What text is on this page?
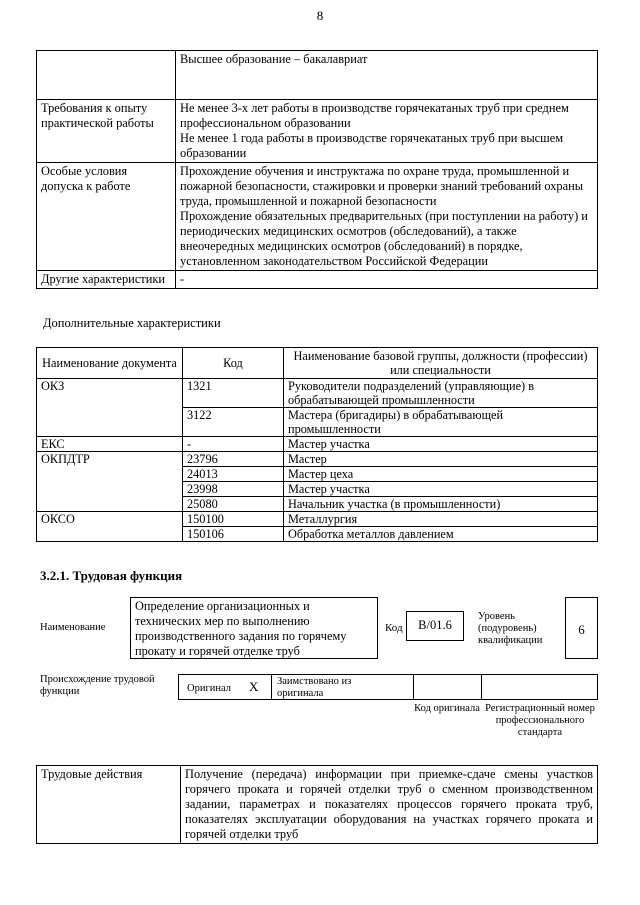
8

	Высшее образование – бакалавриат

Требования к опыту практической работы	Не менее 3-х лет работы в производстве горячекатаных труб при среднем профессиональном образовании
Не менее 1 года работы в производстве горячекатаных труб при высшем образовании

Особые условия допуска к работе	Прохождение обучения и инструктажа по охране труда, промышленной и пожарной безопасности, стажировки и проверки знаний требований охраны труда, промышленной и пожарной безопасности
Прохождение обязательных предварительных (при поступлении на работу) и периодических медицинских осмотров (обследований), а также внеочередных медицинских осмотров (обследований) в порядке, установленном законодательством Российской Федерации

Другие характеристики	-
Дополнительные характеристики
Наименование документа	Код	Наименование базовой группы, должности (профессии) или специальности
ОКЗ	1321	Руководители подразделений (управляющие) в обрабатывающей промышленности
	3122	Мастера (бригадиры) в обрабатывающей промышленности
ЕКС	-	Мастер участка
ОКПДТР	23796	Мастер
	24013	Мастер цеха
	23998	Мастер участка
	25080	Начальник участка (в промышленности)
ОКСО	150100	Металлургия
	150106	Обработка металлов давлением
3.2.1. Трудовая функция
Наименование
Определение организационных и технических мер по выполнению производственного задания по горячему прокату и горячей отделке труб
Код	В/01.6
Уровень (подуровень) квалификации
6
Происхождение трудовой функции	Оригинал X Заимствовано из оригинала
Код оригинала Регистрационный номер профессионального стандарта
Трудовые действия	Получение (передача) информации при приемке-сдаче смены участков горячего проката и горячей отделки труб о сменном производственном задании, параметрах и показателях процессов горячего проката труб, показателях эксплуатации оборудования на участках горячего проката и горячей отделки труб
